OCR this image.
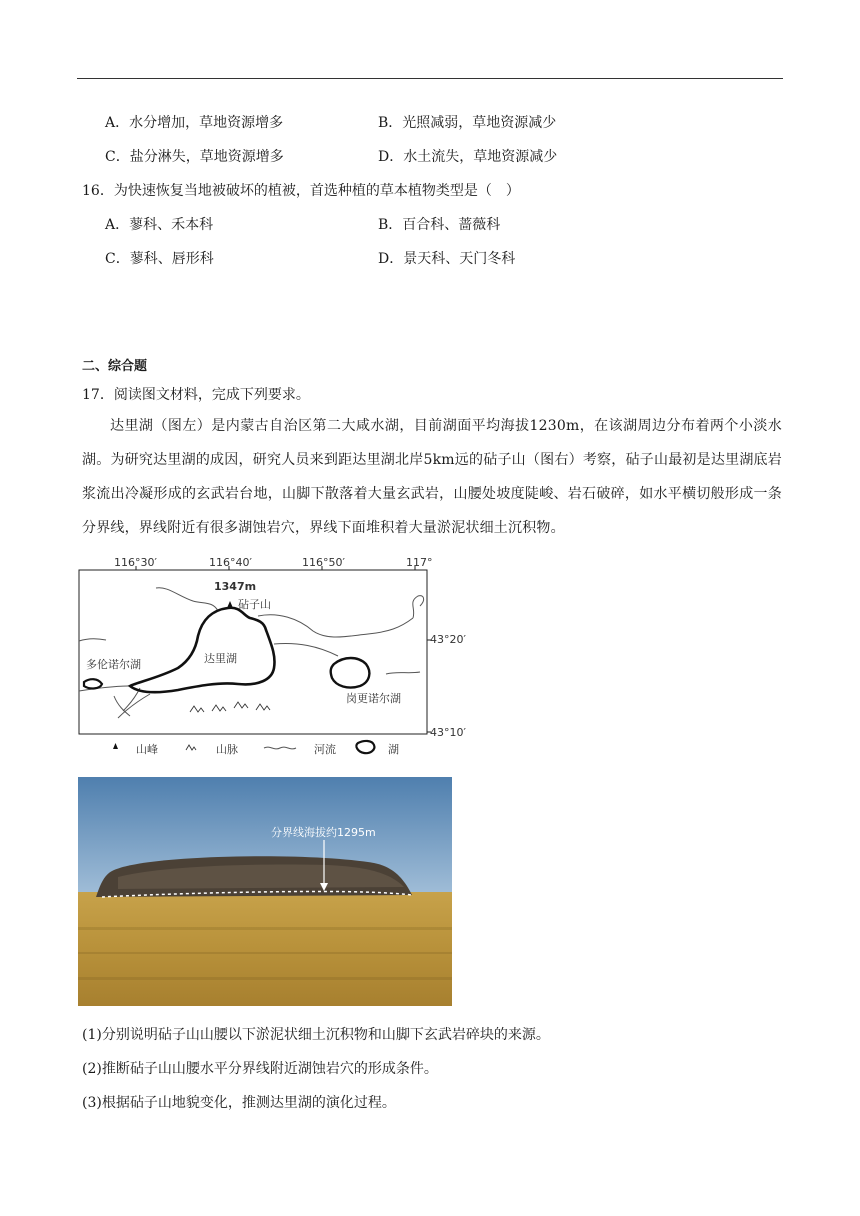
A．水分增加，草地资源增多	B．光照减弱，草地资源减少
C．盐分淋失，草地资源增多	D．水土流失，草地资源减少
16．为快速恢复当地被破坏的植被，首选种植的草本植物类型是（　）
A．蓼科、禾本科	B．百合科、蔷薇科
C．蓼科、唇形科	D．景天科、天门冬科
二、综合题
17．阅读图文材料，完成下列要求。
达里湖（图左）是内蒙古自治区第二大咸水湖，目前湖面平均海拔1230m，在该湖周边分布着两个小淡水湖。为研究达里湖的成因，研究人员来到距达里湖北岸5km远的砧子山（图右）考察，砧子山最初是达里湖底岩浆流出冷凝形成的玄武岩台地，山脚下散落着大量玄武岩，山腰处坡度陡峻、岩石破碎，如水平横切般形成一条分界线，界线附近有很多湖蚀岩穴，界线下面堆积着大量淤泥状细土沉积物。
116°30′	116°40′	116°50′	117°
43°20′
43°10′
1347m
砧子山
达里湖
多伦诺尔湖
岗更诺尔湖
山峰	山脉	河流	湖
分界线海拔约1295m
(1)分别说明砧子山山腰以下淤泥状细土沉积物和山脚下玄武岩碎块的来源。
(2)推断砧子山山腰水平分界线附近湖蚀岩穴的形成条件。
(3)根据砧子山地貌变化，推测达里湖的演化过程。
